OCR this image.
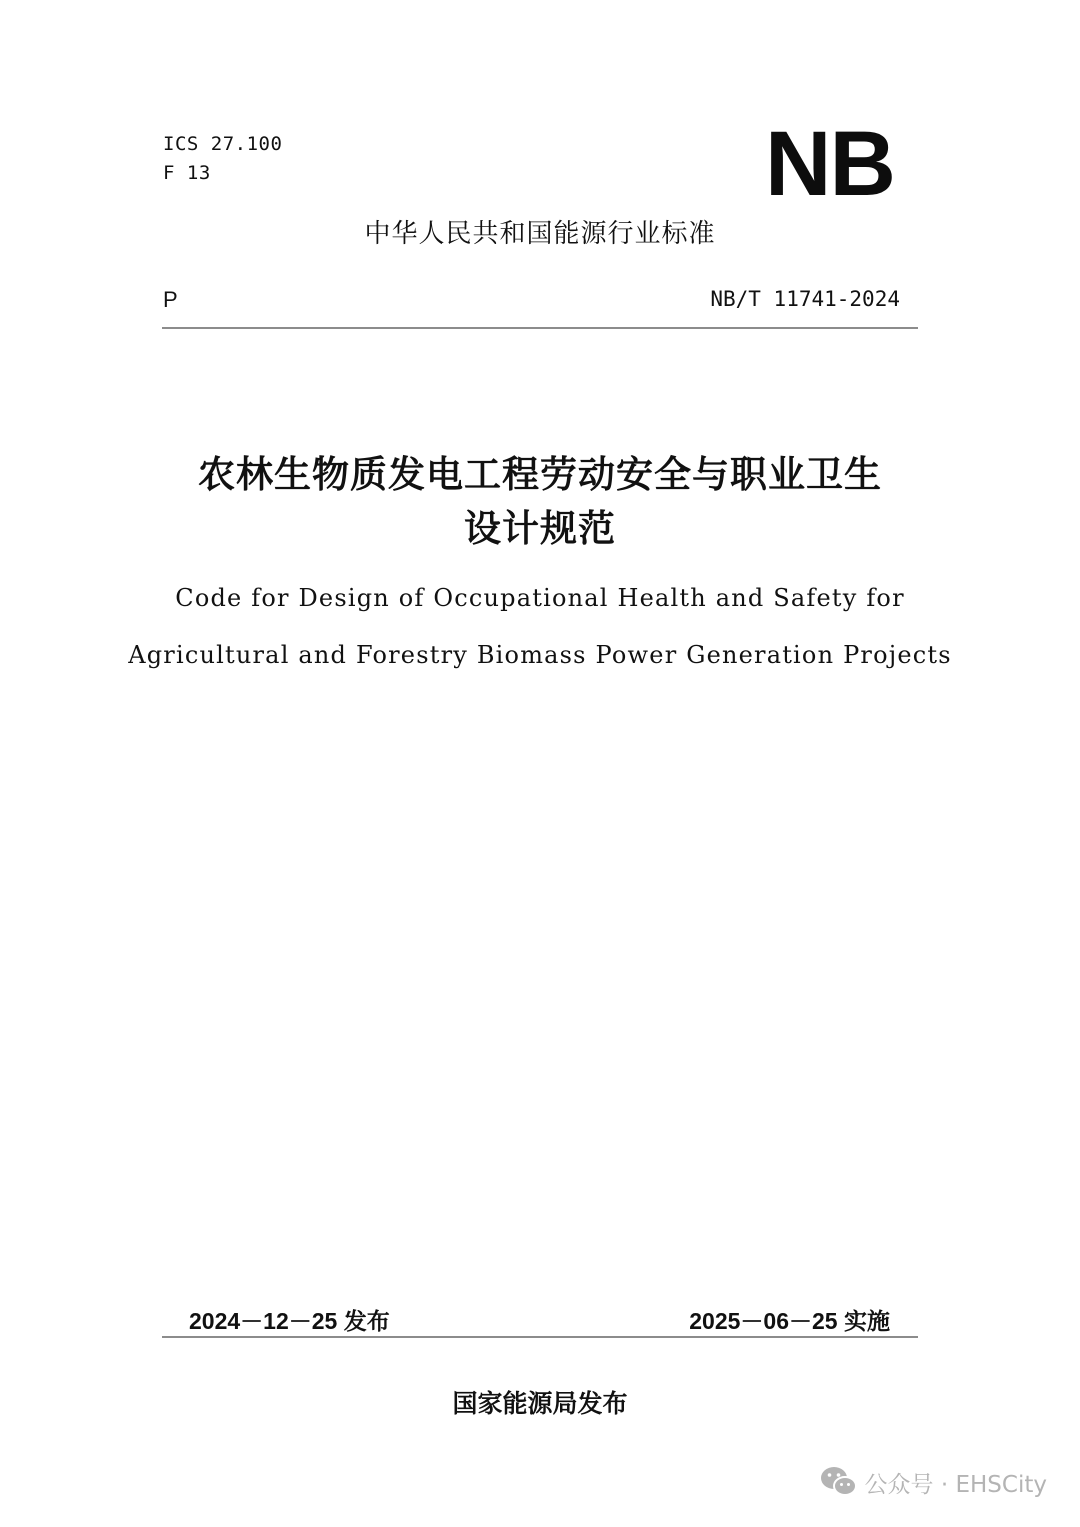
ICS 27.100
F 13	NB
中华人民共和国能源行业标准
P	NB/T 11741-2024
农林生物质发电工程劳动安全与职业卫生
设计规范
Code for Design of Occupational Health and Safety for
Agricultural and Forestry Biomass Power Generation Projects
2024－12－25 发布	2025－06－25 实施
国家能源局发布
公众号 · EHSCity
